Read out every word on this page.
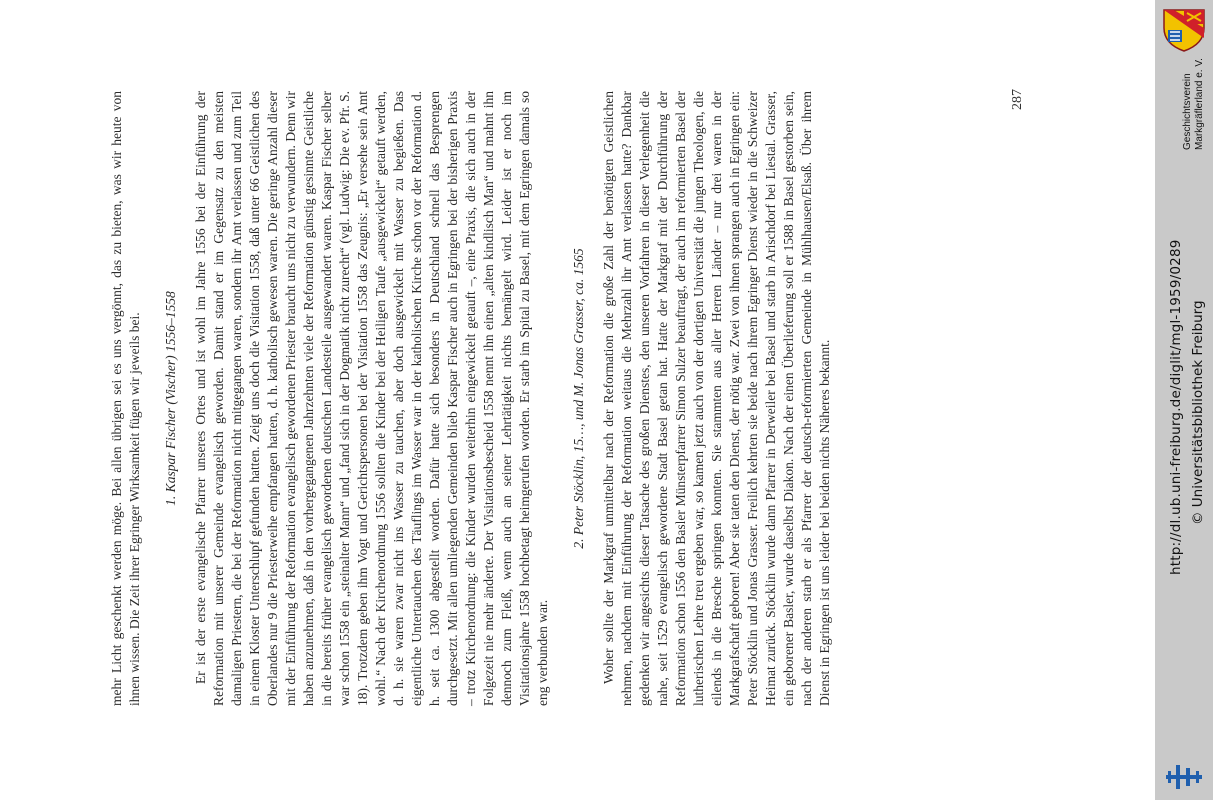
mehr Licht geschenkt werden möge. Bei allen übrigen sei es uns vergönnt, das zu bieten, was wir heute von ihnen wissen. Die Zeit ihrer Egringer Wirksamkeit fügen wir jeweils bei. 1. Kaspar Fischer (Vischer) 1556–1558 Er ist der erste evangelische Pfarrer unseres Ortes und ist wohl im Jahre 1556 bei der Einführung der Reformation mit unserer Gemeinde evangelisch geworden. Damit stand er im Gegensatz zu den meisten damaligen Priestern, die bei der Reformation nicht mitgegangen waren, sondern ihr Amt verlassen und zum Teil in einem Kloster Unterschlupf gefunden hatten. Zeigt uns doch die Visitation 1558, daß unter 66 Geistlichen des Oberlandes nur 9 die Priesterweihe empfangen hatten, d. h. katholisch gewesen waren. Die geringe Anzahl dieser mit der Einführung der Reformation evangelisch gewordenen Priester braucht uns nicht zu verwundern. Denn wir haben anzunehmen, daß in den vorhergegangenen Jahrzehnten viele der Reformation günstig gesinnte Geistliche in die bereits früher evangelisch gewordenen deutschen Landesteile ausgewandert waren. Kaspar Fischer selber war schon 1558 ein „steinalter Mann“ und „fand sich in der Dogmatik nicht zurecht“ (vgl. Ludwig: Die ev. Pfr. S. 18). Trotzdem geben ihm Vogt und Gerichtspersonen bei der Visitation 1558 das Zeugnis: „Er versehe sein Amt wohl.“ Nach der Kirchenordnung 1556 sollten die Kinder bei der Heiligen Taufe „ausgewickelt“ getauft werden, d. h. sie waren zwar nicht ins Wasser zu tauchen, aber doch ausgewickelt mit Wasser zu begießen. Das eigentliche Untertauchen des Täuflings im Wasser war in der katholischen Kirche schon vor der Reformation d. h. seit ca. 1300 abgestellt worden. Dafür hatte sich besonders in Deutschland schnell das Besprengen durchgesetzt. Mit allen umliegenden Gemeinden blieb Kaspar Fischer auch in Egringen bei der bisherigen Praxis – trotz Kirchenordnung: die Kinder wurden weiterhin eingewickelt getauft –, eine Praxis, die sich auch in der Folgezeit nie mehr änderte. Der Visitationsbescheid 1558 nennt ihn einen „alten kindlisch Man“ und mahnt ihn dennoch zum Fleiß, wenn auch an seiner Lehrtätigkeit nichts bemängelt wird. Leider ist er noch im Visitationsjahre 1558 hochbetagt heimgerufen worden. Er starb im Spital zu Basel, mit dem Egringen damals so eng verbunden war.

2. Peter Stöcklin, 15…, und M. Jonas Grasser, ca. 1565 Woher sollte der Markgraf unmittelbar nach der Reformation die große Zahl der benötigten Geistlichen nehmen, nachdem mit Einführung der Reformation weitaus die Mehrzahl ihr Amt verlassen hatte? Dankbar gedenken wir angesichts dieser Tatsache des großen Dienstes, den unseren Vorfahren in dieser Verlegenheit die nahe, seit 1529 evangelisch gewordene Stadt Basel getan hat. Hatte der Markgraf mit der Durchführung der Reformation schon 1556 den Basler Münsterpfarrer Simon Sulzer beauftragt, der auch im reformierten Basel der lutherischen Lehre treu ergeben war, so kamen jetzt auch von der dortigen Universität die jungen Theologen, die eilends in die Bresche springen konnten. Sie stammten aus aller Herren Länder – nur drei waren in der Markgrafschaft geboren! Aber sie taten den Dienst, der nötig war. Zwei von ihnen sprangen auch in Egringen ein: Peter Stöcklin und Jonas Grasser. Freilich kehrten sie beide nach ihrem Egringer Dienst wieder in die Schweizer Heimat zurück. Stöcklin wurde dann Pfarrer in Derweiler bei Basel und starb in Arischdorf bei Liestal. Grasser, ein geborener Basler, wurde daselbst Diakon. Nach der einen Überlieferung soll er 1588 in Basel gestorben sein, nach der anderen starb er als Pfarrer der deutsch-reformierten Gemeinde in Mühlhausen/Elsaß. Über ihrem Dienst in Egringen ist uns leider bei beiden nichts Näheres bekannt.

287	Geschichtsverein Markgräflerland e. V.
http://dl.ub.uni-freiburg.de/diglit/mgl-1959/0289 © Universitätsbibliothek Freiburg
